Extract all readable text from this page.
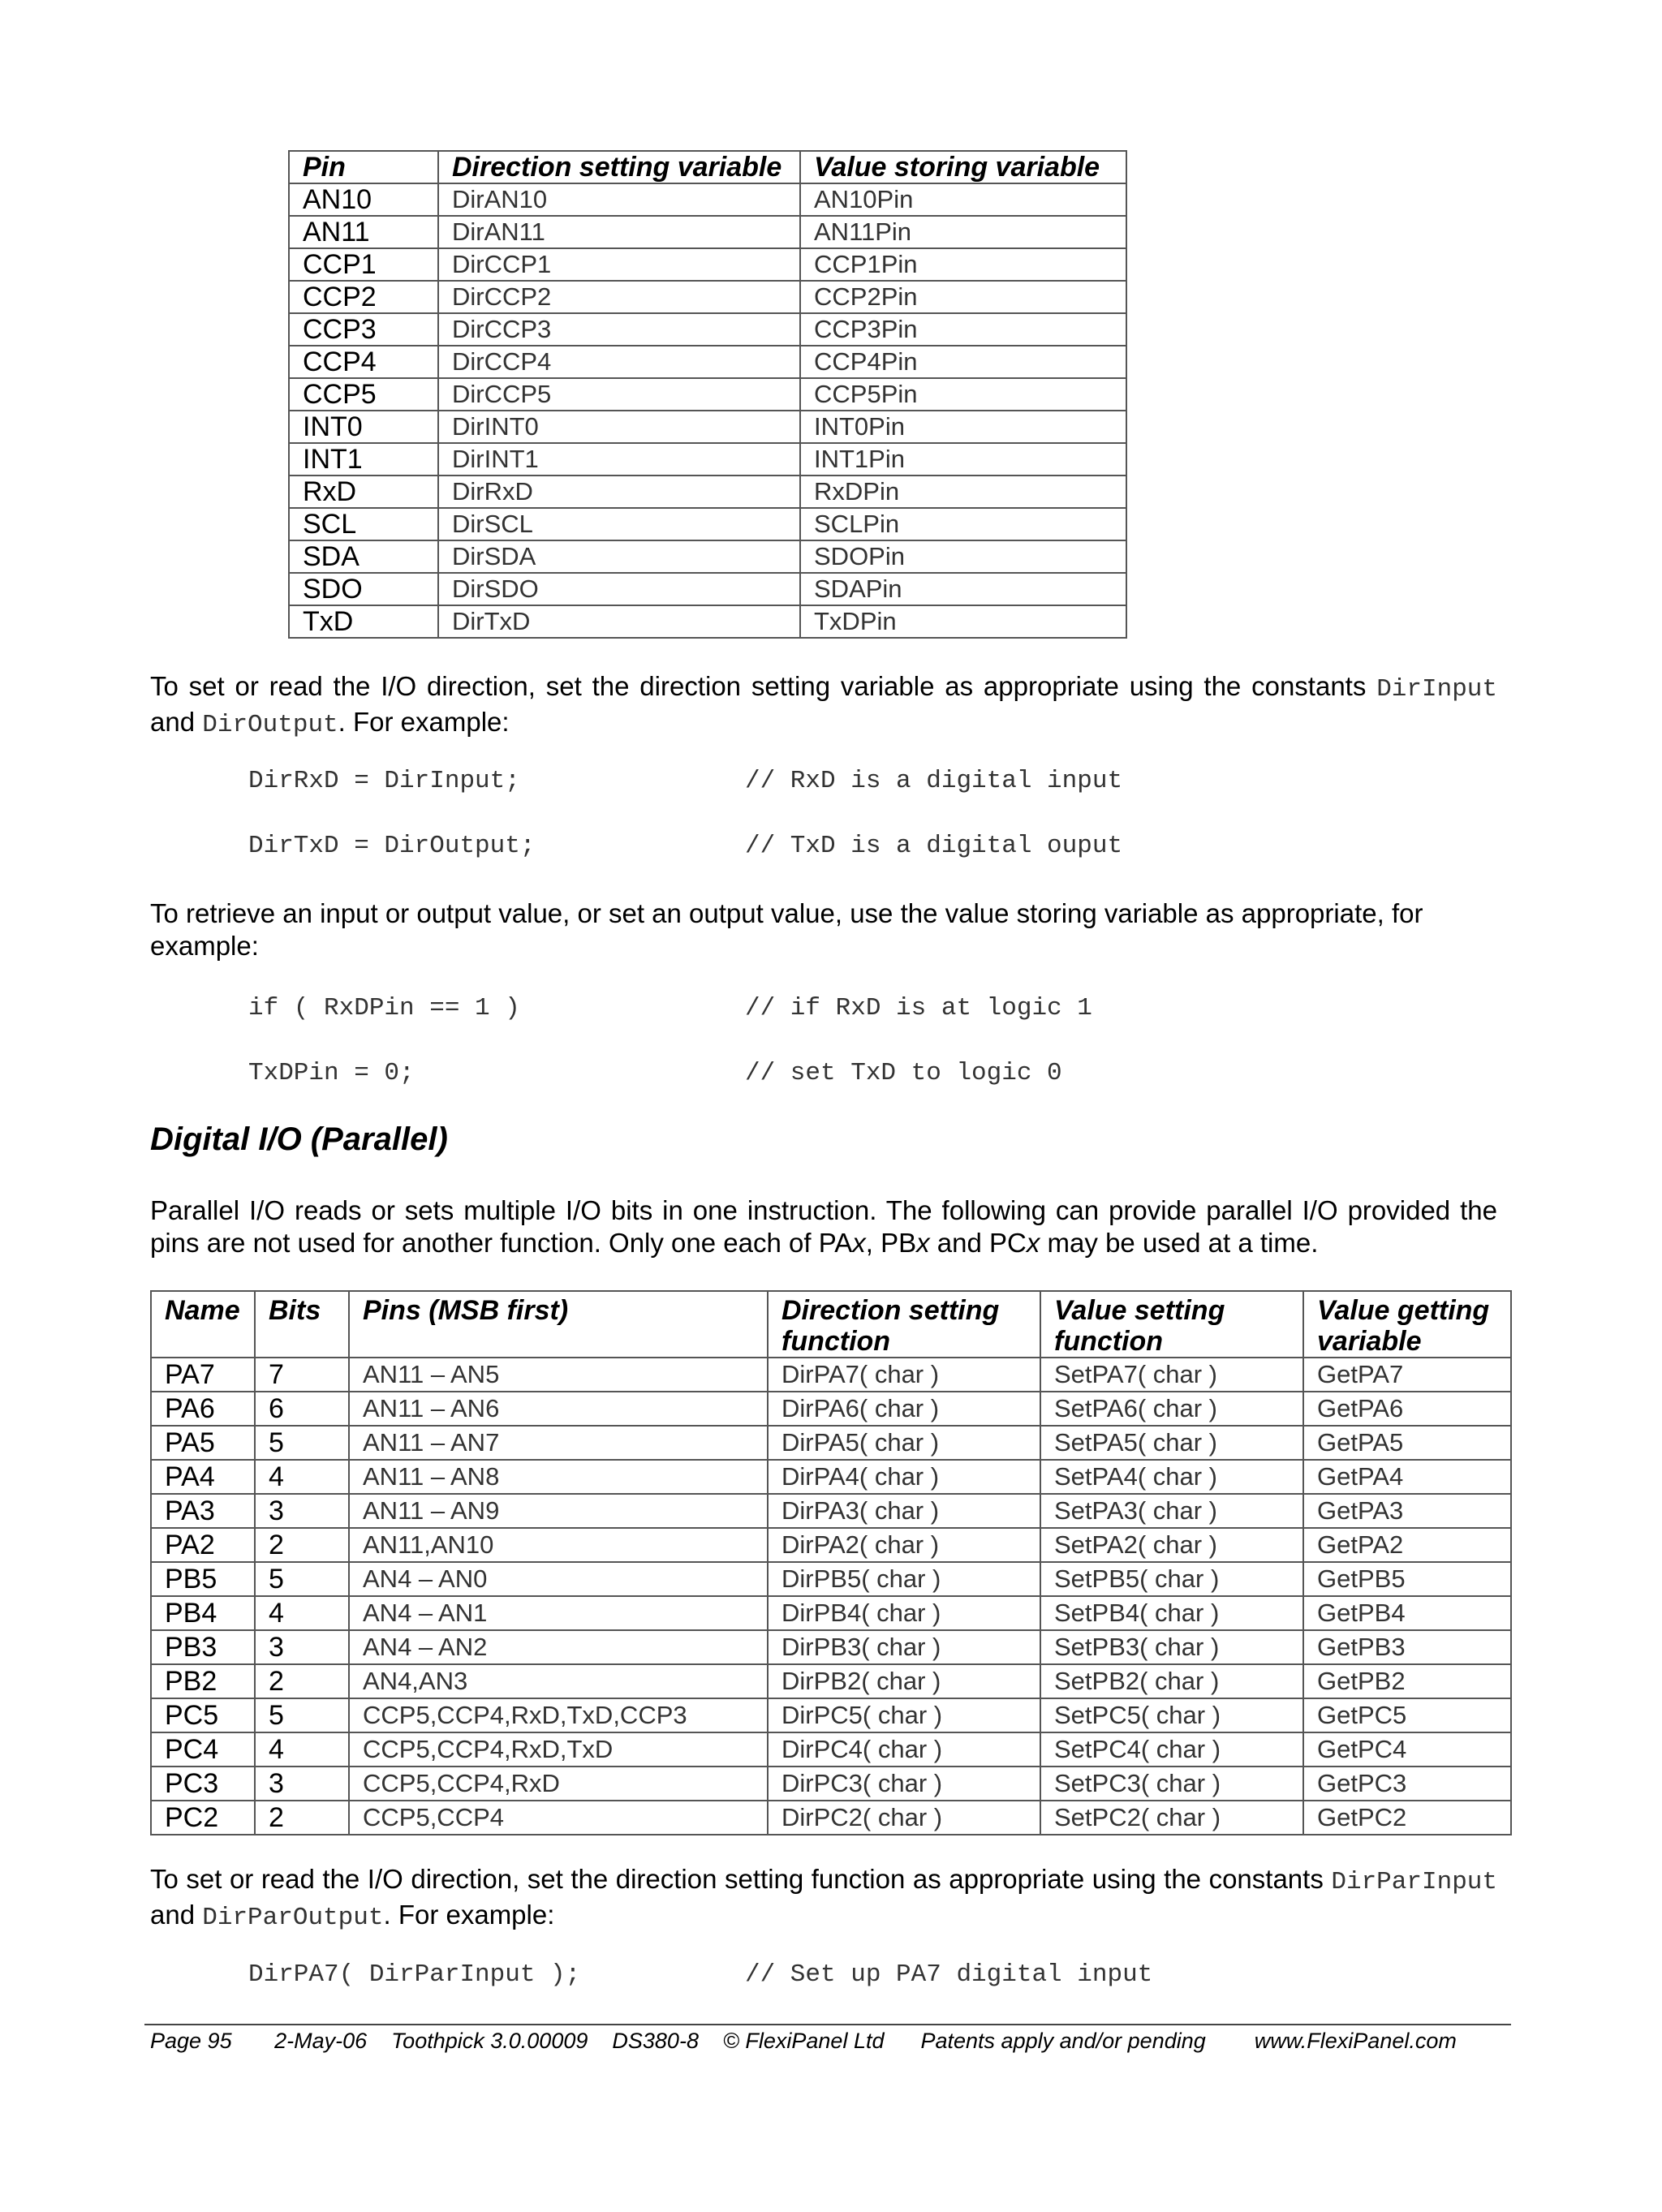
Pin	Direction setting variable	Value storing variable
AN10	DirAN10	AN10Pin
AN11	DirAN11	AN11Pin
CCP1	DirCCP1	CCP1Pin
CCP2	DirCCP2	CCP2Pin
CCP3	DirCCP3	CCP3Pin
CCP4	DirCCP4	CCP4Pin
CCP5	DirCCP5	CCP5Pin
INT0	DirINT0	INT0Pin
INT1	DirINT1	INT1Pin
RxD	DirRxD	RxDPin
SCL	DirSCL	SCLPin
SDA	DirSDA	SDOPin
SDO	DirSDO	SDAPin
TxD	DirTxD	TxDPin
To set or read the I/O direction, set the direction setting variable as appropriate using the constants DirInput and DirOutput. For example:
DirRxD = DirInput;	// RxD is a digital input
DirTxD = DirOutput;	// TxD is a digital ouput
To retrieve an input or output value, or set an output value, use the value storing variable as appropriate, for example:
if ( RxDPin == 1 )	// if RxD is at logic 1
TxDPin = 0;	// set TxD to logic 0
Digital I/O (Parallel)
Parallel I/O reads or sets multiple I/O bits in one instruction. The following can provide parallel I/O provided the pins are not used for another function. Only one each of PAx, PBx and PCx may be used at a time.
Name	Bits	Pins (MSB first)	Direction setting function	Value setting function	Value getting variable
PA7	7	AN11 – AN5	DirPA7( char )	SetPA7( char )	GetPA7
PA6	6	AN11 – AN6	DirPA6( char )	SetPA6( char )	GetPA6
PA5	5	AN11 – AN7	DirPA5( char )	SetPA5( char )	GetPA5
PA4	4	AN11 – AN8	DirPA4( char )	SetPA4( char )	GetPA4
PA3	3	AN11 – AN9	DirPA3( char )	SetPA3( char )	GetPA3
PA2	2	AN11,AN10	DirPA2( char )	SetPA2( char )	GetPA2
PB5	5	AN4 – AN0	DirPB5( char )	SetPB5( char )	GetPB5
PB4	4	AN4 – AN1	DirPB4( char )	SetPB4( char )	GetPB4
PB3	3	AN4 – AN2	DirPB3( char )	SetPB3( char )	GetPB3
PB2	2	AN4,AN3	DirPB2( char )	SetPB2( char )	GetPB2
PC5	5	CCP5,CCP4,RxD,TxD,CCP3	DirPC5( char )	SetPC5( char )	GetPC5
PC4	4	CCP5,CCP4,RxD,TxD	DirPC4( char )	SetPC4( char )	GetPC4
PC3	3	CCP5,CCP4,RxD	DirPC3( char )	SetPC3( char )	GetPC3
PC2	2	CCP5,CCP4	DirPC2( char )	SetPC2( char )	GetPC2
To set or read the I/O direction, set the direction setting function as appropriate using the constants DirParInput and DirParOutput. For example:
DirPA7( DirParInput );	// Set up PA7 digital input
Page 95 2-May-06 Toothpick 3.0.00009 DS380-8 © FlexiPanel Ltd Patents apply and/or pending www.FlexiPanel.com
